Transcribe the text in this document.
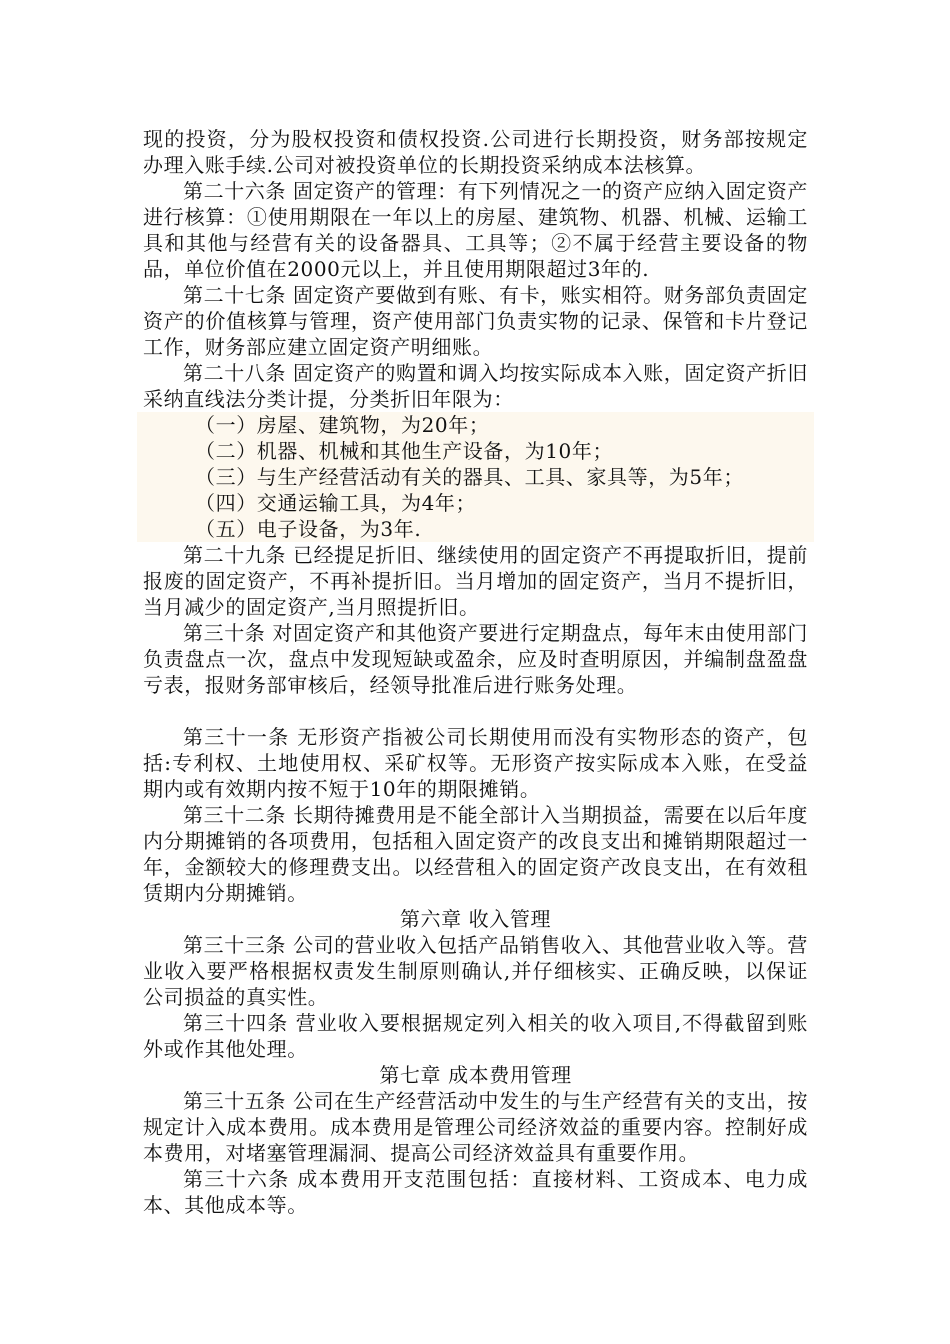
现的投资，分为股权投资和债权投资.公司进行长期投资，财务部按规定办理入账手续.公司对被投资单位的长期投资采纳成本法核算。

第二十六条 固定资产的管理：有下列情况之一的资产应纳入固定资产进行核算：①使用期限在一年以上的房屋、建筑物、机器、机械、运输工具和其他与经营有关的设备器具、工具等；②不属于经营主要设备的物品，单位价值在2000元以上，并且使用期限超过3年的.

第二十七条 固定资产要做到有账、有卡，账实相符。财务部负责固定资产的价值核算与管理，资产使用部门负责实物的记录、保管和卡片登记工作，财务部应建立固定资产明细账。

第二十八条 固定资产的购置和调入均按实际成本入账，固定资产折旧采纳直线法分类计提，分类折旧年限为：

（一）房屋、建筑物，为20年；

（二）机器、机械和其他生产设备，为10年；

（三）与生产经营活动有关的器具、工具、家具等，为5年；

（四）交通运输工具，为4年；

（五）电子设备，为3年.

第二十九条 已经提足折旧、继续使用的固定资产不再提取折旧，提前报废的固定资产，不再补提折旧。当月增加的固定资产，当月不提折旧，当月减少的固定资产,当月照提折旧。

第三十条 对固定资产和其他资产要进行定期盘点，每年末由使用部门负责盘点一次，盘点中发现短缺或盈余，应及时查明原因，并编制盘盈盘亏表，报财务部审核后，经领导批准后进行账务处理。

第三十一条 无形资产指被公司长期使用而没有实物形态的资产，包括:专利权、土地使用权、采矿权等。无形资产按实际成本入账，在受益期内或有效期内按不短于10年的期限摊销。

第三十二条 长期待摊费用是不能全部计入当期损益，需要在以后年度内分期摊销的各项费用，包括租入固定资产的改良支出和摊销期限超过一年，金额较大的修理费支出。以经营租入的固定资产改良支出，在有效租赁期内分期摊销。

第六章 收入管理

第三十三条 公司的营业收入包括产品销售收入、其他营业收入等。营业收入要严格根据权责发生制原则确认,并仔细核实、正确反映，以保证公司损益的真实性。

第三十四条 营业收入要根据规定列入相关的收入项目,不得截留到账外或作其他处理。

第七章 成本费用管理

第三十五条 公司在生产经营活动中发生的与生产经营有关的支出，按规定计入成本费用。成本费用是管理公司经济效益的重要内容。控制好成本费用，对堵塞管理漏洞、提高公司经济效益具有重要作用。

第三十六条 成本费用开支范围包括：直接材料、工资成本、电力成本、其他成本等。
